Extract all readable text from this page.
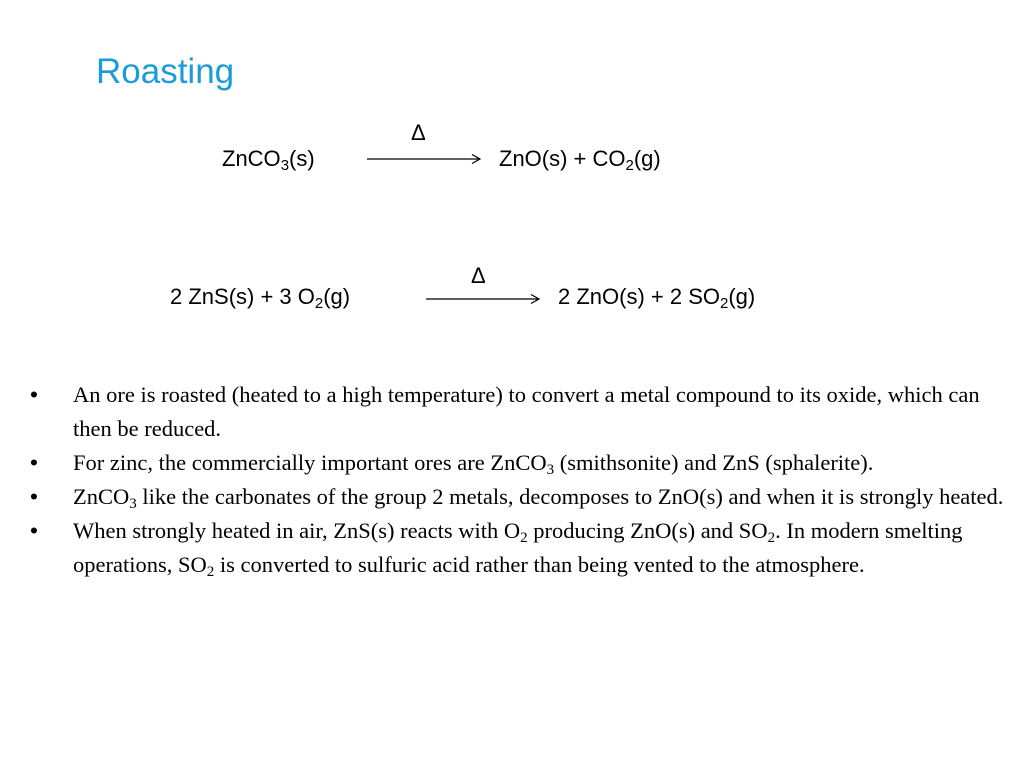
Roasting
Δ
ZnCO$_3$(s)	$ZnO(s) + CO_2(g)$
Δ
2 ZnS(s) + 3 $O_2(g)$	2 ZnO(s) + 2 $SO_2(g)$
•	An ore is roasted (heated to a high temperature) to convert a metal compound to its oxide, which can then be reduced.
•	For zinc, the commercially important ores are ZnCO$_3$ (smithsonite) and ZnS (sphalerite).
•	ZnCO$_3$ like the carbonates of the group 2 metals, decomposes to ZnO(s) and when it is strongly heated.
•	When strongly heated in air, ZnS(s) reacts with $O_2$ producing ZnO(s) and $SO_2$. In modern smelting operations, $SO_2$ is converted to sulfuric acid rather than being vented to the atmosphere.
